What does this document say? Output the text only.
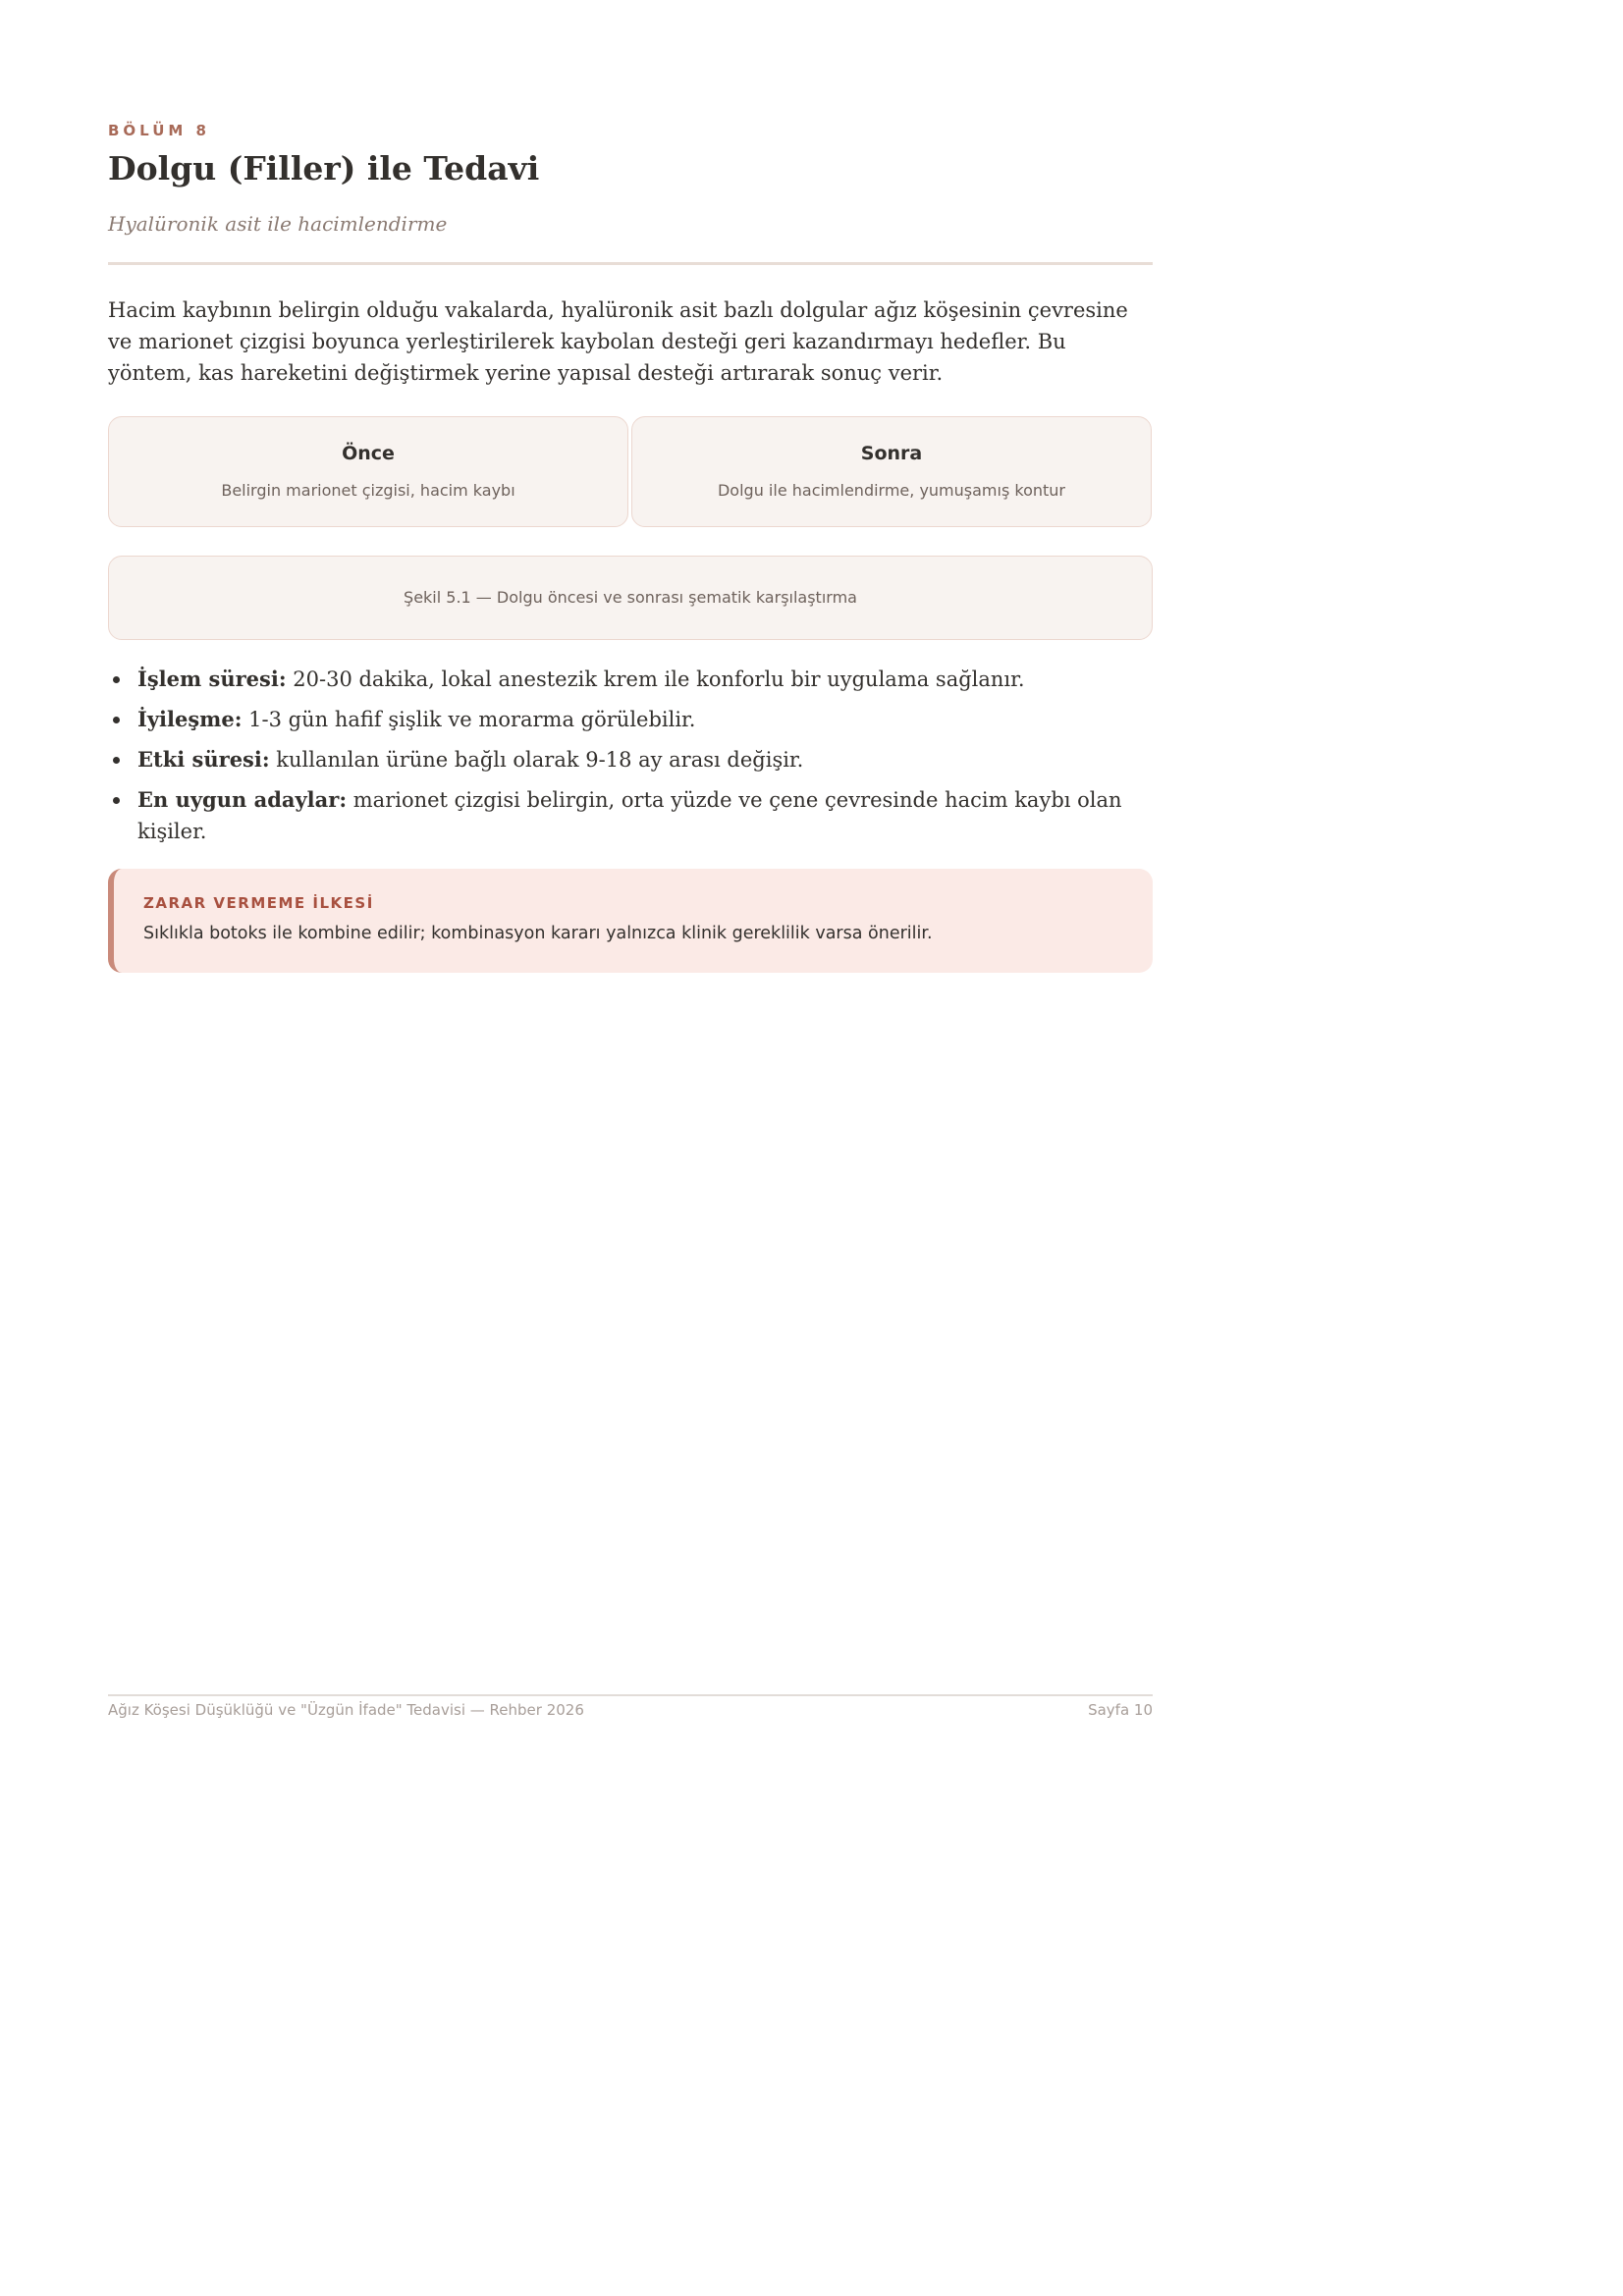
BÖLÜM 8
Dolgu (Filler) ile Tedavi
Hyalüronik asit ile hacimlendirme

Hacim kaybının belirgin olduğu vakalarda, hyalüronik asit bazlı dolgular ağız köşesinin çevresine ve marionet çizgisi boyunca yerleştirilerek kaybolan desteği geri kazandırmayı hedefler. Bu yöntem, kas hareketini değiştirmek yerine yapısal desteği artırarak sonuç verir.

Önce
Belirgin marionet çizgisi, hacim kaybı
Sonra
Dolgu ile hacimlendirme, yumuşamış kontur
Şekil 5.1 — Dolgu öncesi ve sonrası şematik karşılaştırma
İşlem süresi: 20-30 dakika, lokal anestezik krem ile konforlu bir uygulama sağlanır.
İyileşme: 1-3 gün hafif şişlik ve morarma görülebilir.
Etki süresi: kullanılan ürüne bağlı olarak 9-18 ay arası değişir.
En uygun adaylar: marionet çizgisi belirgin, orta yüzde ve çene çevresinde hacim kaybı olan kişiler.
ZARAR VERMEME İLKESİ
Sıklıkla botoks ile kombine edilir; kombinasyon kararı yalnızca klinik gereklilik varsa önerilir.
Ağız Köşesi Düşüklüğü ve "Üzgün İfade" Tedavisi — Rehber 2026	Sayfa 10
